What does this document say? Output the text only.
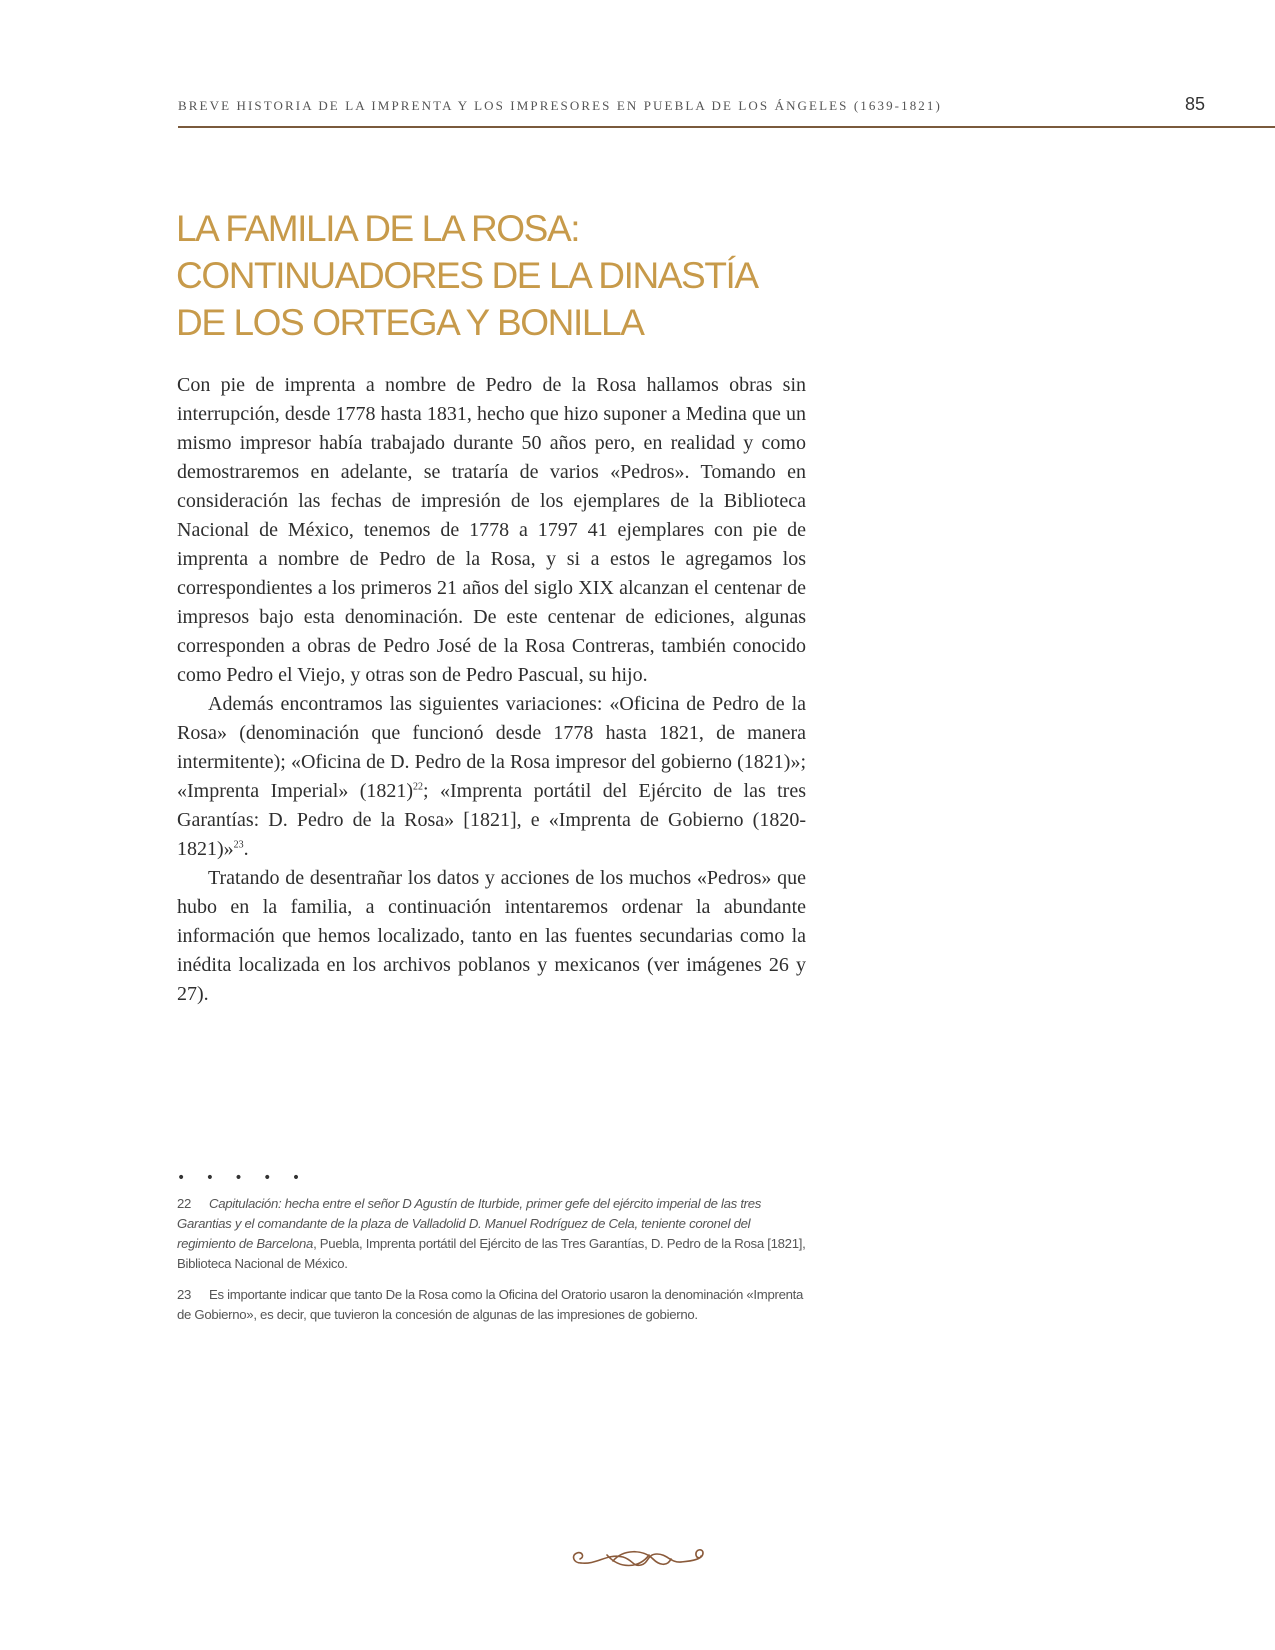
BREVE HISTORIA DE LA IMPRENTA Y LOS IMPRESORES EN PUEBLA DE LOS ÁNGELES (1639-1821)	85
LA FAMILIA DE LA ROSA:
CONTINUADORES DE LA DINASTÍA
DE LOS ORTEGA Y BONILLA

Con pie de imprenta a nombre de Pedro de la Rosa hallamos obras sin interrupción, desde 1778 hasta 1831, hecho que hizo suponer a Medina que un mismo impresor había trabajado durante 50 años pero, en realidad y como demostraremos en adelante, se trataría de varios «Pedros». Tomando en consideración las fechas de impresión de los ejemplares de la Biblioteca Nacional de México, tenemos de 1778 a 1797 41 ejemplares con pie de imprenta a nombre de Pedro de la Rosa, y si a estos le agregamos los correspondientes a los primeros 21 años del siglo XIX alcanzan el centenar de impresos bajo esta denominación. De este centenar de ediciones, algunas corresponden a obras de Pedro José de la Rosa Contreras, también conocido como Pedro el Viejo, y otras son de Pedro Pascual, su hijo.

Además encontramos las siguientes variaciones: «Oficina de Pedro de la Rosa» (denominación que funcionó desde 1778 hasta 1821, de manera intermitente); «Oficina de D. Pedro de la Rosa impresor del gobierno (1821)»; «Imprenta Imperial» (1821)$^{22}$; «Imprenta portátil del Ejército de las tres Garantías: D. Pedro de la Rosa» [1821], e «Imprenta de Gobierno (1820-1821)»$^{23}$.

Tratando de desentrañar los datos y acciones de los muchos «Pedros» que hubo en la familia, a continuación intentaremos ordenar la abundante información que hemos localizado, tanto en las fuentes secundarias como la inédita localizada en los archivos poblanos y mexicanos (ver imágenes 26 y 27).

• • • • •

22 Capitulación: hecha entre el señor D Agustín de Iturbide, primer gefe del ejército imperial de las tres Garantias y el comandante de la plaza de Valladolid D. Manuel Rodríguez de Cela, teniente coronel del regimiento de Barcelona, Puebla, Imprenta portátil del Ejército de las Tres Garantías, D. Pedro de la Rosa [1821], Biblioteca Nacional de México.

23 Es importante indicar que tanto De la Rosa como la Oficina del Oratorio usaron la denominación «Imprenta de Gobierno», es decir, que tuvieron la concesión de algunas de las impresiones de gobierno.
